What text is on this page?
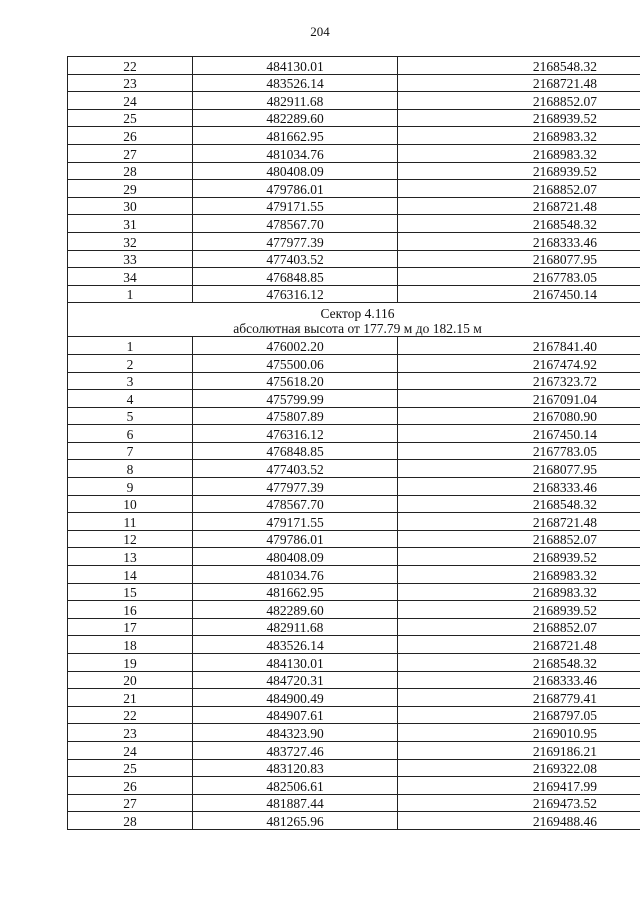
204
22	484130.01	2168548.32
23	483526.14	2168721.48
24	482911.68	2168852.07
25	482289.60	2168939.52
26	481662.95	2168983.32
27	481034.76	2168983.32
28	480408.09	2168939.52
29	479786.01	2168852.07
30	479171.55	2168721.48
31	478567.70	2168548.32
32	477977.39	2168333.46
33	477403.52	2168077.95
34	476848.85	2167783.05
1	476316.12	2167450.14

Сектор 4.116
абсолютная высота от 177.79 м до 182.15 м		

1	476002.20	2167841.40
2	475500.06	2167474.92
3	475618.20	2167323.72
4	475799.99	2167091.04
5	475807.89	2167080.90
6	476316.12	2167450.14
7	476848.85	2167783.05
8	477403.52	2168077.95
9	477977.39	2168333.46
10	478567.70	2168548.32
11	479171.55	2168721.48
12	479786.01	2168852.07
13	480408.09	2168939.52
14	481034.76	2168983.32
15	481662.95	2168983.32
16	482289.60	2168939.52
17	482911.68	2168852.07
18	483526.14	2168721.48
19	484130.01	2168548.32
20	484720.31	2168333.46
21	484900.49	2168779.41
22	484907.61	2168797.05
23	484323.90	2169010.95
24	483727.46	2169186.21
25	483120.83	2169322.08
26	482506.61	2169417.99
27	481887.44	2169473.52
28	481265.96	2169488.46
